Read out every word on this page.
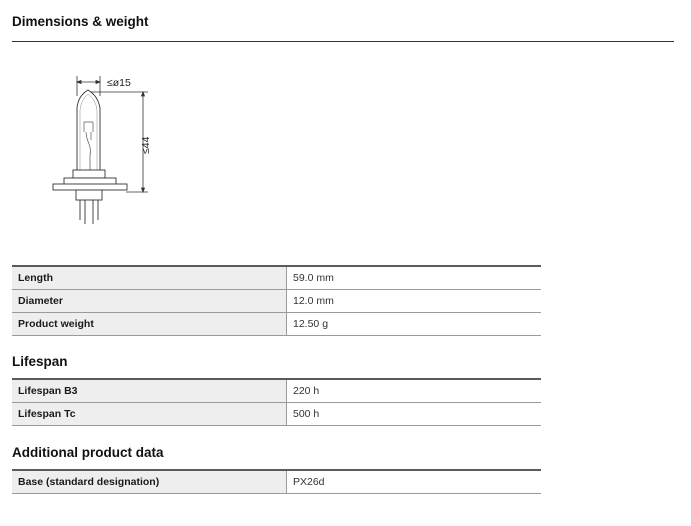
Dimensions & weight
≤ø15
≤44
Length	59.0 mm
Diameter	12.0 mm
Product weight	12.50 g
Lifespan
Lifespan B3	220 h
Lifespan Tc	500 h
Additional product data
Base (standard designation)	PX26d
